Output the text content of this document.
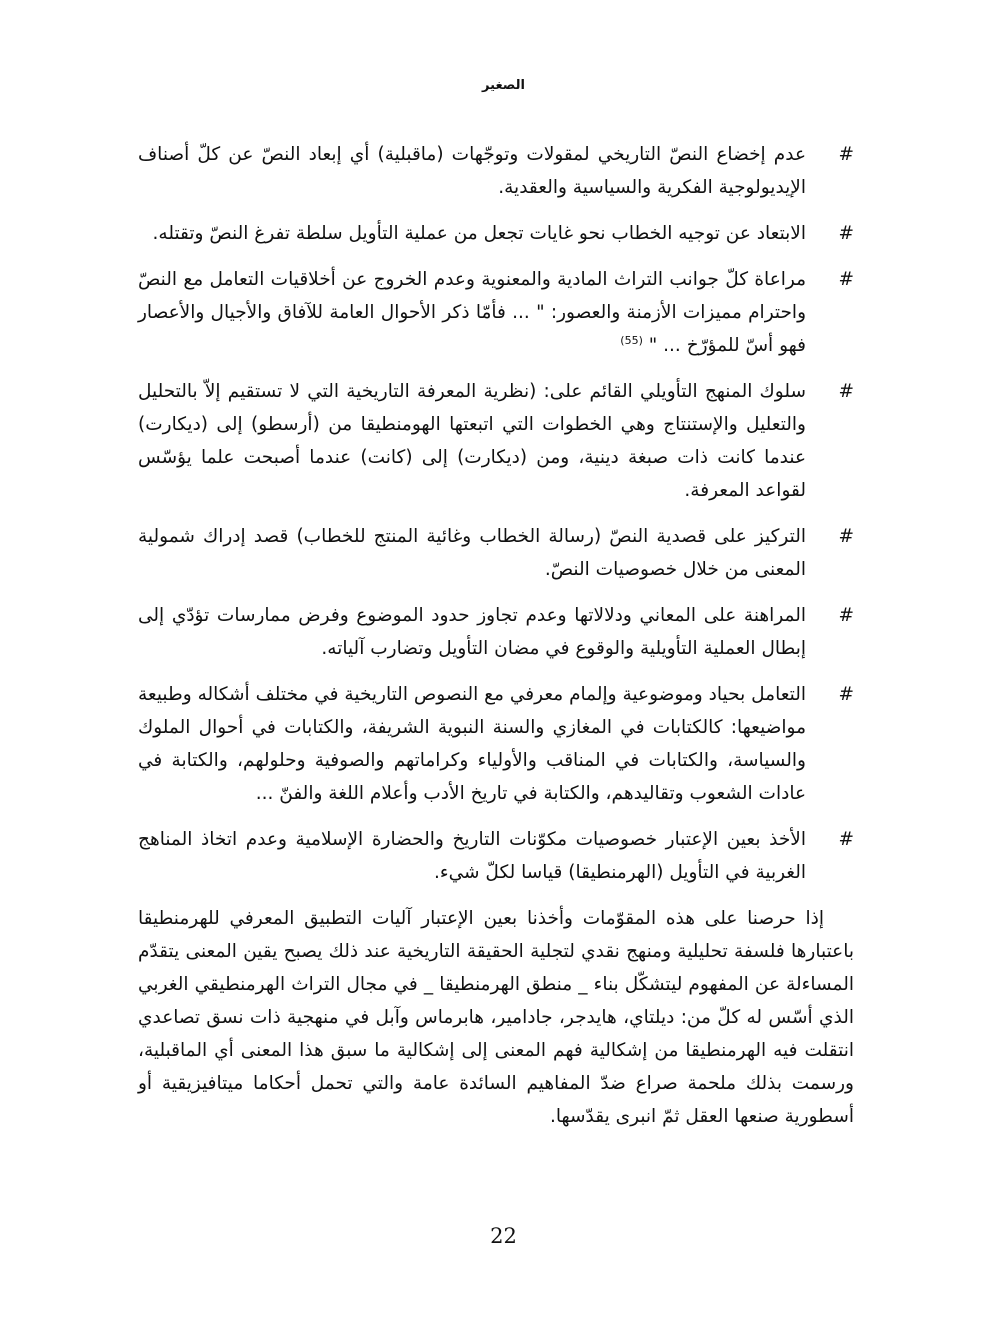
الصغير
#
عدم إخضاع النصّ التاريخي لمقولات وتوجّهات (ماقبلية) أي إبعاد النصّ عن كلّ أصناف الإيديولوجية الفكرية والسياسية والعقدية.
#
الابتعاد عن توجيه الخطاب نحو غايات تجعل من عملية التأويل سلطة تفرغ النصّ وتقتله.
#
مراعاة كلّ جوانب التراث المادية والمعنوية وعدم الخروج عن أخلاقيات التعامل مع النصّ واحترام مميزات الأزمنة والعصور: " ... فأمّا ذكر الأحوال العامة للآفاق والأجيال والأعصار فهو أسّ للمؤرّخ ... " $^{(55)}$
#
سلوك المنهج التأويلي القائم على: (نظرية المعرفة التاريخية التي لا تستقيم إلاّ بالتحليل والتعليل والإستنتاج وهي الخطوات التي اتبعتها الهومنطيقا من (أرسطو) إلى (ديكارت) عندما كانت ذات صبغة دينية، ومن (ديكارت) إلى (كانت) عندما أصبحت علما يؤسّس لقواعد المعرفة.
#
التركيز على قصدية النصّ (رسالة الخطاب وغائية المنتج للخطاب) قصد إدراك شمولية المعنى من خلال خصوصيات النصّ.
#
المراهنة على المعاني ودلالاتها وعدم تجاوز حدود الموضوع وفرض ممارسات تؤدّي إلى إبطال العملية التأويلية والوقوع في مضان التأويل وتضارب آلياته.
#
التعامل بحياد وموضوعية وإلمام معرفي مع النصوص التاريخية في مختلف أشكاله وطبيعة مواضيعها: كالكتابات في المغازي والسنة النبوية الشريفة، والكتابات في أحوال الملوك والسياسة، والكتابات في المناقب والأولياء وكراماتهم والصوفية وحلولهم، والكتابة في عادات الشعوب وتقاليدهم، والكتابة في تاريخ الأدب وأعلام اللغة والفنّ ...
#
الأخذ بعين الإعتبار خصوصيات مكوّنات التاريخ والحضارة الإسلامية وعدم اتخاذ المناهج الغربية في التأويل (الهرمنطيقا) قياسا لكلّ شيء.

إذا حرصنا على هذه المقوّمات وأخذنا بعين الإعتبار آليات التطبيق المعرفي للهرمنطيقا باعتبارها فلسفة تحليلية ومنهج نقدي لتجلية الحقيقة التاريخية عند ذلك يصبح يقين المعنى يتقدّم المساءلة عن المفهوم ليتشكّل بناء _ منطق الهرمنطيقا _ في مجال التراث الهرمنطيقي الغربي الذي أسّس له كلّ من: ديلتاي، هايدجر، جادامير، هابرماس وآبل في منهجية ذات نسق تصاعدي انتقلت فيه الهرمنطيقا من إشكالية فهم المعنى إلى إشكالية ما سبق هذا المعنى أي الماقبلية، ورسمت بذلك ملحمة صراع ضدّ المفاهيم السائدة عامة والتي تحمل أحكاما ميتافيزيقية أو أسطورية صنعها العقل ثمّ انبرى يقدّسها.

22
